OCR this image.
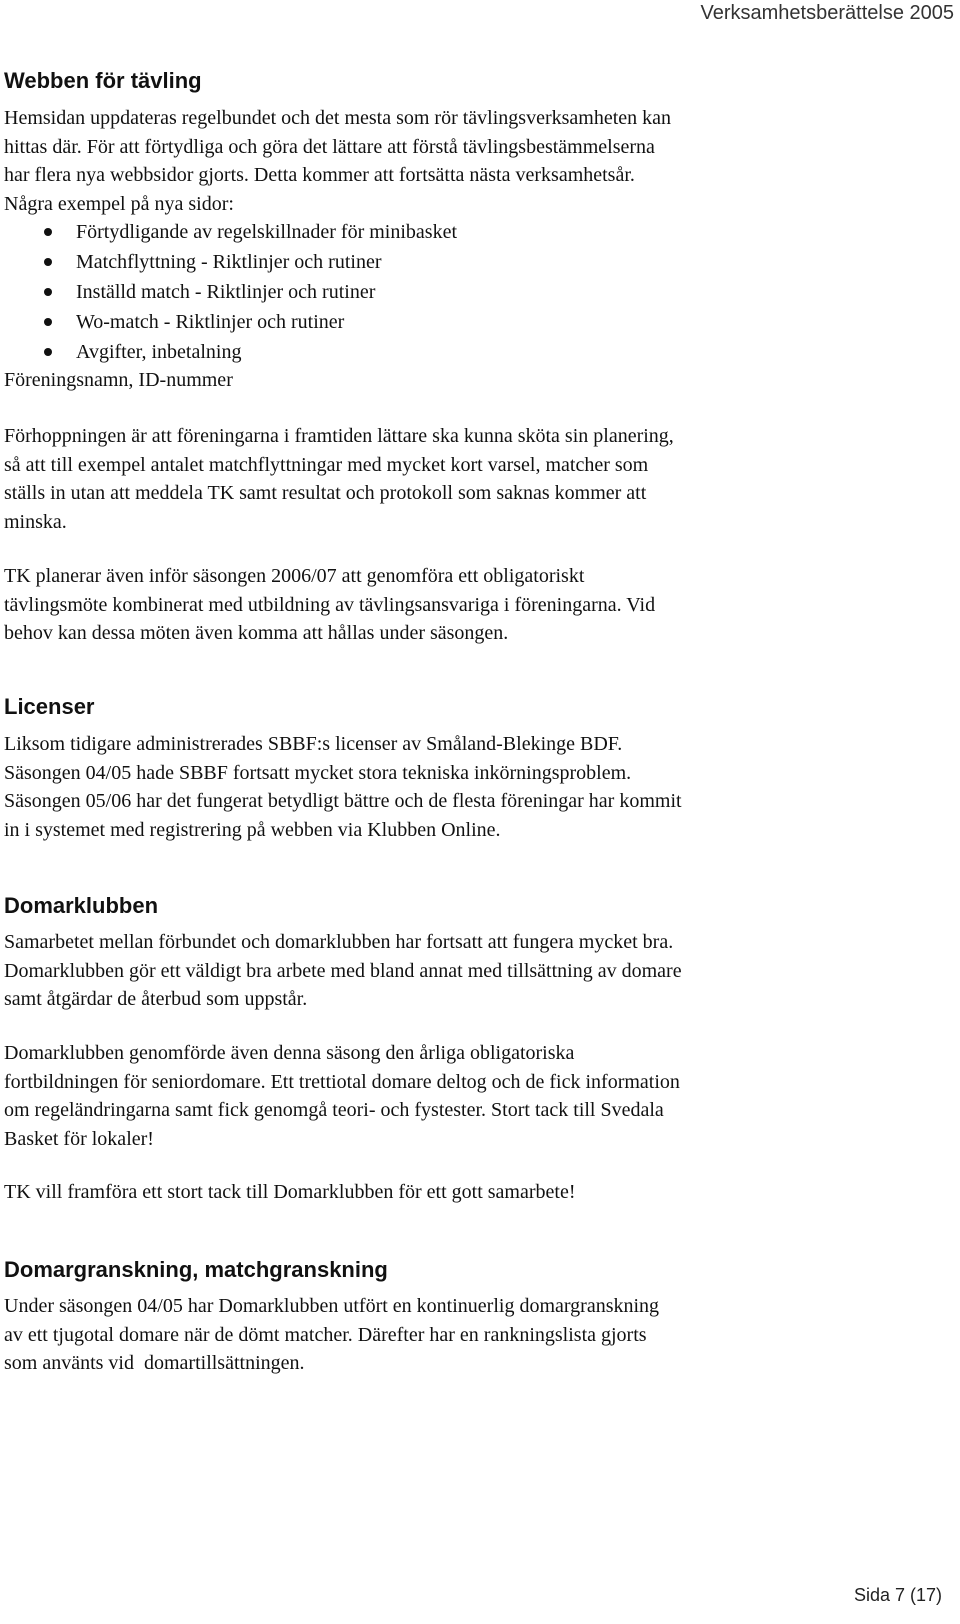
Verksamhetsberättelse 2005
Webben för tävling
Hemsidan uppdateras regelbundet och det mesta som rör tävlingsverksamheten kan
hittas där. För att förtydliga och göra det lättare att förstå tävlingsbestämmelserna
har flera nya webbsidor gjorts. Detta kommer att fortsätta nästa verksamhetsår.
Några exempel på nya sidor:
Förtydligande av regelskillnader för minibasket
Matchflyttning - Riktlinjer och rutiner
Inställd match - Riktlinjer och rutiner
Wo-match - Riktlinjer och rutiner
Avgifter, inbetalning
Föreningsnamn, ID-nummer
Förhoppningen är att föreningarna i framtiden lättare ska kunna sköta sin planering,
så att till exempel antalet matchflyttningar med mycket kort varsel, matcher som
ställs in utan att meddela TK samt resultat och protokoll som saknas kommer att
minska.
TK planerar även inför säsongen 2006/07 att genomföra ett obligatoriskt
tävlingsmöte kombinerat med utbildning av tävlingsansvariga i föreningarna. Vid
behov kan dessa möten även komma att hållas under säsongen.
Licenser
Liksom tidigare administrerades SBBF:s licenser av Småland-Blekinge BDF.
Säsongen 04/05 hade SBBF fortsatt mycket stora tekniska inkörningsproblem.
Säsongen 05/06 har det fungerat betydligt bättre och de flesta föreningar har kommit
in i systemet med registrering på webben via Klubben Online.
Domarklubben
Samarbetet mellan förbundet och domarklubben har fortsatt att fungera mycket bra.
Domarklubben gör ett väldigt bra arbete med bland annat med tillsättning av domare
samt åtgärdar de återbud som uppstår.
Domarklubben genomförde även denna säsong den årliga obligatoriska
fortbildningen för seniordomare. Ett trettiotal domare deltog och de fick information
om regeländringarna samt fick genomgå teori- och fystester. Stort tack till Svedala
Basket för lokaler!
TK vill framföra ett stort tack till Domarklubben för ett gott samarbete!
Domargranskning, matchgranskning
Under säsongen 04/05 har Domarklubben utfört en kontinuerlig domargranskning
av ett tjugotal domare när de dömt matcher. Därefter har en rankningslista gjorts
som använts vid  domartillsättningen.
Sida 7 (17)
